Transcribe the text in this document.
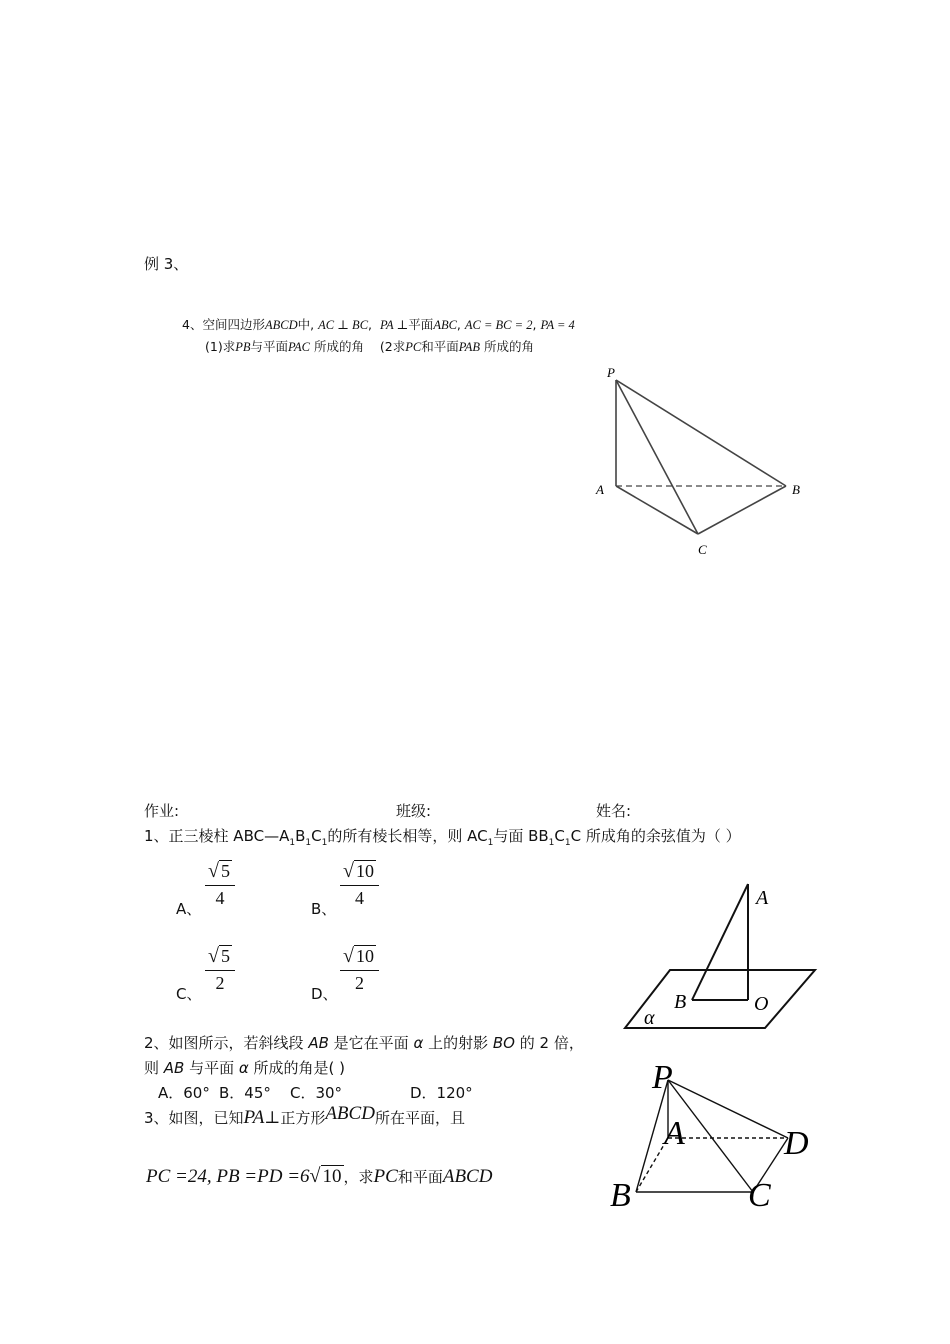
例 3、
4、空间四边形ABCD中, AC ⊥ BC, PA ⊥平面ABC, AC = BC = 2, PA = 4
(1)求PB与平面PAC 所成的角 (2求PC和平面PAB 所成的角
P
A	B
C
作业:	班级:	姓名:
1、正三棱柱 $ABC—A_1B_1C_1$的所有棱长相等，则 $AC_1$与面 $BB_1C_1C$ 所成角的余弦值为（ ）
A、
√ 5
4
B、
√ 10
4
C、
√ 5
2
D、
√ 10
2
A
B	O
α
2、如图所示，若斜线段 AB 是它在平面 α 上的射影 BO 的 2 倍，
则 AB 与平面 α 所成的角是( )
A．60° B．45° C．30°	D．120°
3、如图，已知PA⊥正方形ABCD所在平面，且
PC =24, PB =PD =6√ 10 ，求PC和平面ABCD
P
A
B	C
D
